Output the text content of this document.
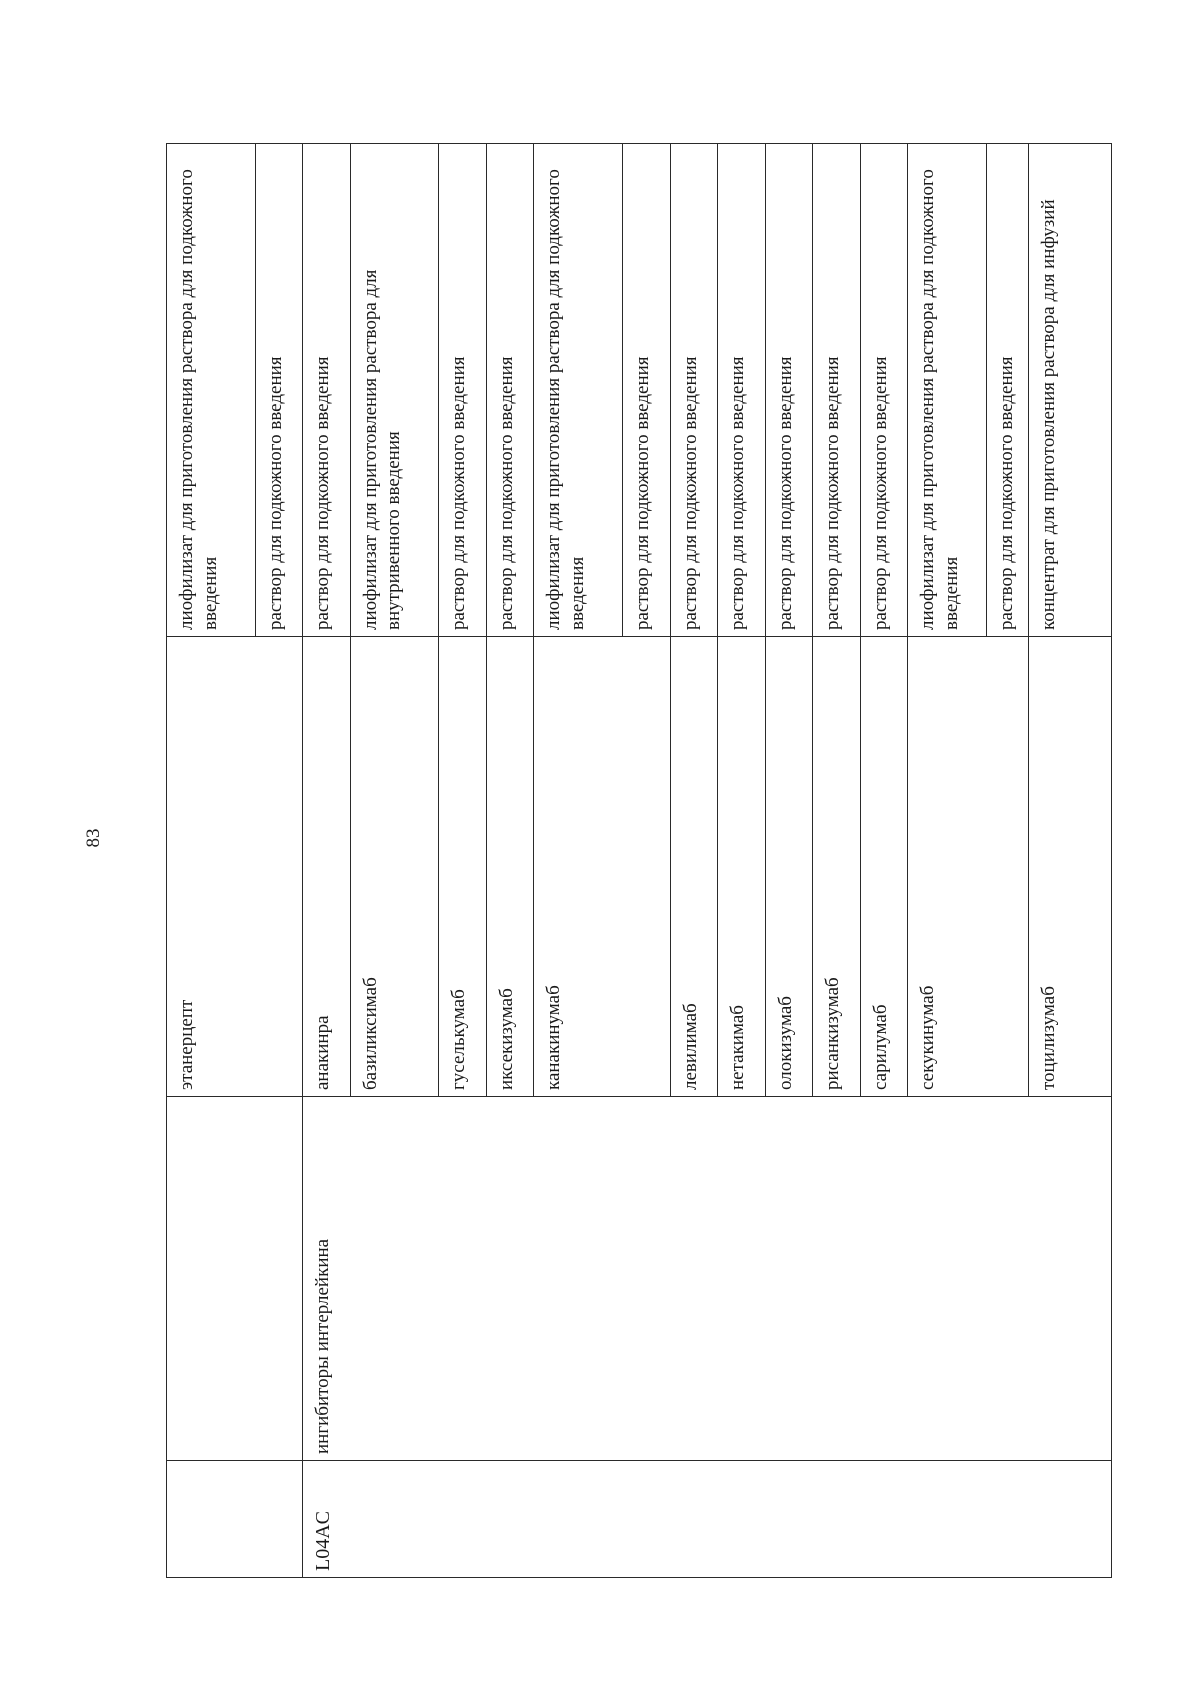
83
		этанерцепт	лиофилизат для приготовления раствора для подкожного введения
			раствор для подкожного введения
L04AC	ингибиторы интерлейкина	анакинра	раствор для подкожного введения
		базиликсимаб	лиофилизат для приготовления раствора для внутривенного введения
		гуселькумаб	раствор для подкожного введения
		иксекизумаб	раствор для подкожного введения
		канакинумаб	лиофилизат для приготовления раствора для подкожного введения
			раствор для подкожного введения
		левилимаб	раствор для подкожного введения
		нетакимаб	раствор для подкожного введения
		олокизумаб	раствор для подкожного введения
		рисанкизумаб	раствор для подкожного введения
		сарилумаб	раствор для подкожного введения
		секукинумаб	лиофилизат для приготовления раствора для подкожного введения
			раствор для подкожного введения
		тоцилизумаб	концентрат для приготовления раствора для инфузий
